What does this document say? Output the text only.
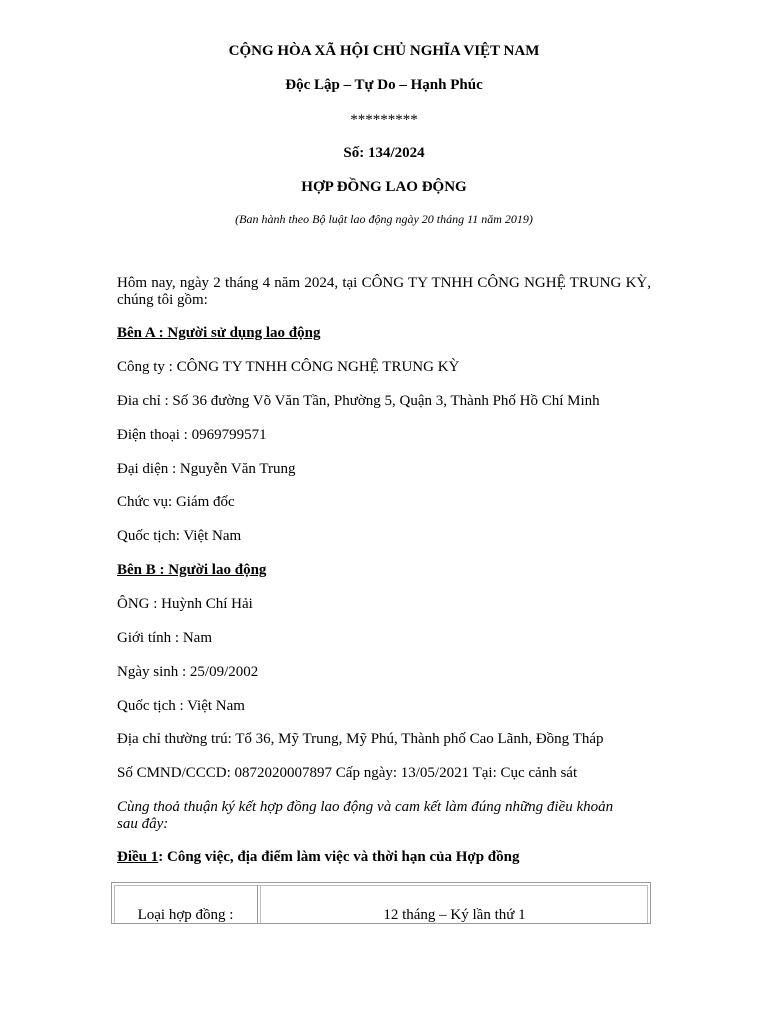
CỘNG HÒA XÃ HỘI CHỦ NGHĨA VIỆT NAM
Độc Lập – Tự Do – Hạnh Phúc
*********
Số: 134/2024
HỢP ĐỒNG LAO ĐỘNG
(Ban hành theo Bộ luật lao động ngày 20 tháng 11 năm 2019)
Hôm nay, ngày 2 tháng 4 năm 2024, tại CÔNG TY TNHH CÔNG NGHỆ TRUNG KỲ, chúng tôi gồm:
Bên A : Người sử dụng lao động
Công ty : CÔNG TY TNHH CÔNG NGHỆ TRUNG KỲ
Đia chỉ : Số 36 đường Võ Văn Tần, Phường 5, Quận 3, Thành Phố Hồ Chí Minh
Điện thoại : 0969799571
Đại diện : Nguyễn Văn Trung
Chức vụ: Giám đốc
Quốc tịch: Việt Nam
Bên B : Người lao động
ÔNG : Huỳnh Chí Hải
Giới tính : Nam
Ngày sinh : 25/09/2002
Quốc tịch : Việt Nam
Địa chỉ thường trú: Tổ 36, Mỹ Trung, Mỹ Phú, Thành phố Cao Lãnh, Đồng Tháp
Số CMND/CCCD: 0872020007897 Cấp ngày: 13/05/2021 Tại: Cục cảnh sát
Cùng thoả thuận ký kết hợp đồng lao động và cam kết làm đúng những điều khoản sau đây:
Điều 1: Công việc, địa điểm làm việc và thời hạn của Hợp đồng
Loại hợp đồng :	12 tháng – Ký lần thứ 1
